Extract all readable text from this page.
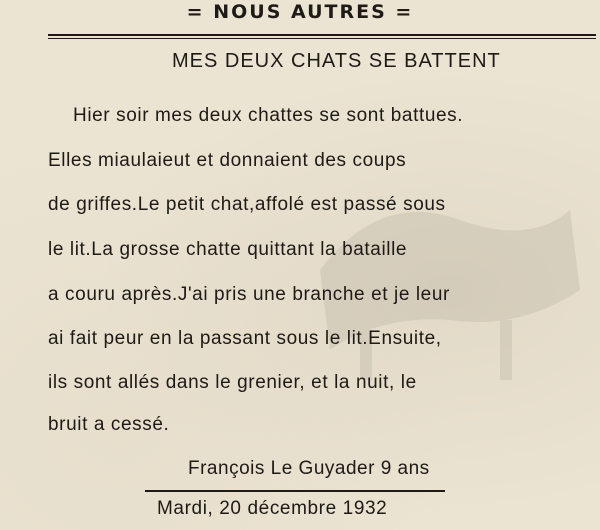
= NOUS AUTRES =
MES DEUX CHATS SE BATTENT
Hier soir mes deux chattes se sont battues.
Elles miaulaieut et donnaient des coups
de griffes.Le petit chat,affolé est passé sous
le lit.La grosse chatte quittant la bataille
a couru après.J'ai pris une branche et je leur
ai fait peur en la passant sous le lit.Ensuite,
ils sont allés dans le grenier, et la nuit, le
bruit a cessé.
François Le Guyader 9 ans
Mardi, 20 décembre 1932
